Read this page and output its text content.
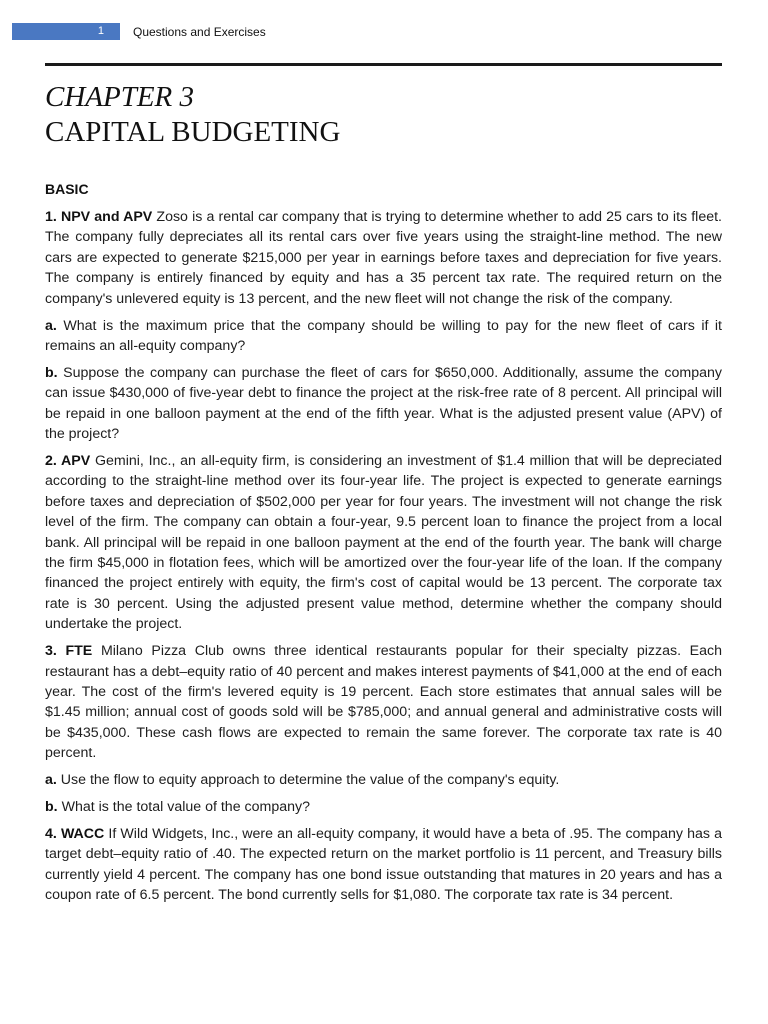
1	Questions and Exercises
CHAPTER 3
CAPITAL BUDGETING
BASIC

1. NPV and APV Zoso is a rental car company that is trying to determine whether to add 25 cars to its fleet. The company fully depreciates all its rental cars over five years using the straight-line method. The new cars are expected to generate $215,000 per year in earnings before taxes and depreciation for five years. The company is entirely financed by equity and has a 35 percent tax rate. The required return on the company's unlevered equity is 13 percent, and the new fleet will not change the risk of the company.

a. What is the maximum price that the company should be willing to pay for the new fleet of cars if it remains an all-equity company?

b. Suppose the company can purchase the fleet of cars for $650,000. Additionally, assume the company can issue $430,000 of five-year debt to finance the project at the risk-free rate of 8 percent. All principal will be repaid in one balloon payment at the end of the fifth year. What is the adjusted present value (APV) of the project?

2. APV Gemini, Inc., an all-equity firm, is considering an investment of $1.4 million that will be depreciated according to the straight-line method over its four-year life. The project is expected to generate earnings before taxes and depreciation of $502,000 per year for four years. The investment will not change the risk level of the firm. The company can obtain a four-year, 9.5 percent loan to finance the project from a local bank. All principal will be repaid in one balloon payment at the end of the fourth year. The bank will charge the firm $45,000 in flotation fees, which will be amortized over the four-year life of the loan. If the company financed the project entirely with equity, the firm's cost of capital would be 13 percent. The corporate tax rate is 30 percent. Using the adjusted present value method, determine whether the company should undertake the project.

3. FTE Milano Pizza Club owns three identical restaurants popular for their specialty pizzas. Each restaurant has a debt–equity ratio of 40 percent and makes interest payments of $41,000 at the end of each year. The cost of the firm's levered equity is 19 percent. Each store estimates that annual sales will be $1.45 million; annual cost of goods sold will be $785,000; and annual general and administrative costs will be $435,000. These cash flows are expected to remain the same forever. The corporate tax rate is 40 percent.

a. Use the flow to equity approach to determine the value of the company's equity.

b. What is the total value of the company?

4. WACC If Wild Widgets, Inc., were an all-equity company, it would have a beta of .95. The company has a target debt–equity ratio of .40. The expected return on the market portfolio is 11 percent, and Treasury bills currently yield 4 percent. The company has one bond issue outstanding that matures in 20 years and has a coupon rate of 6.5 percent. The bond currently sells for $1,080. The corporate tax rate is 34 percent.
